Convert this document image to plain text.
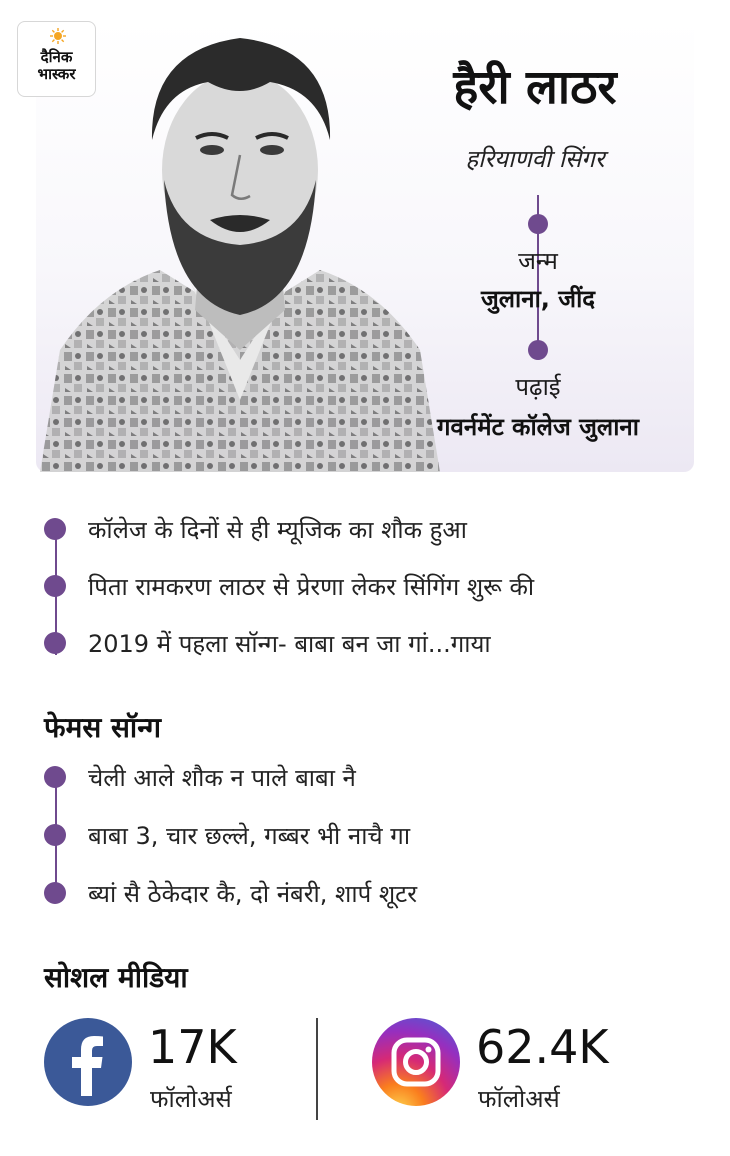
दैनिक
भास्कर	हैरी लाठर
हरियाणवी सिंगर
जन्म
जुलाना, जींद
पढ़ाई
गवर्नमेंट कॉलेज जुलाना
कॉलेज के दिनों से ही म्यूजिक का शौक हुआ
पिता रामकरण लाठर से प्रेरणा लेकर सिंगिंग शुरू की
2019 में पहला सॉन्ग- बाबा बन जा गां...गाया
फेमस सॉन्ग
चेली आले शौक न पाले बाबा नै
बाबा 3, चार छल्ले, गब्बर भी नाचै गा
ब्यां सै ठेकेदार कै, दो नंबरी, शार्प शूटर
सोशल मीडिया
17K
फॉलोअर्स
62.4K
फॉलोअर्स
